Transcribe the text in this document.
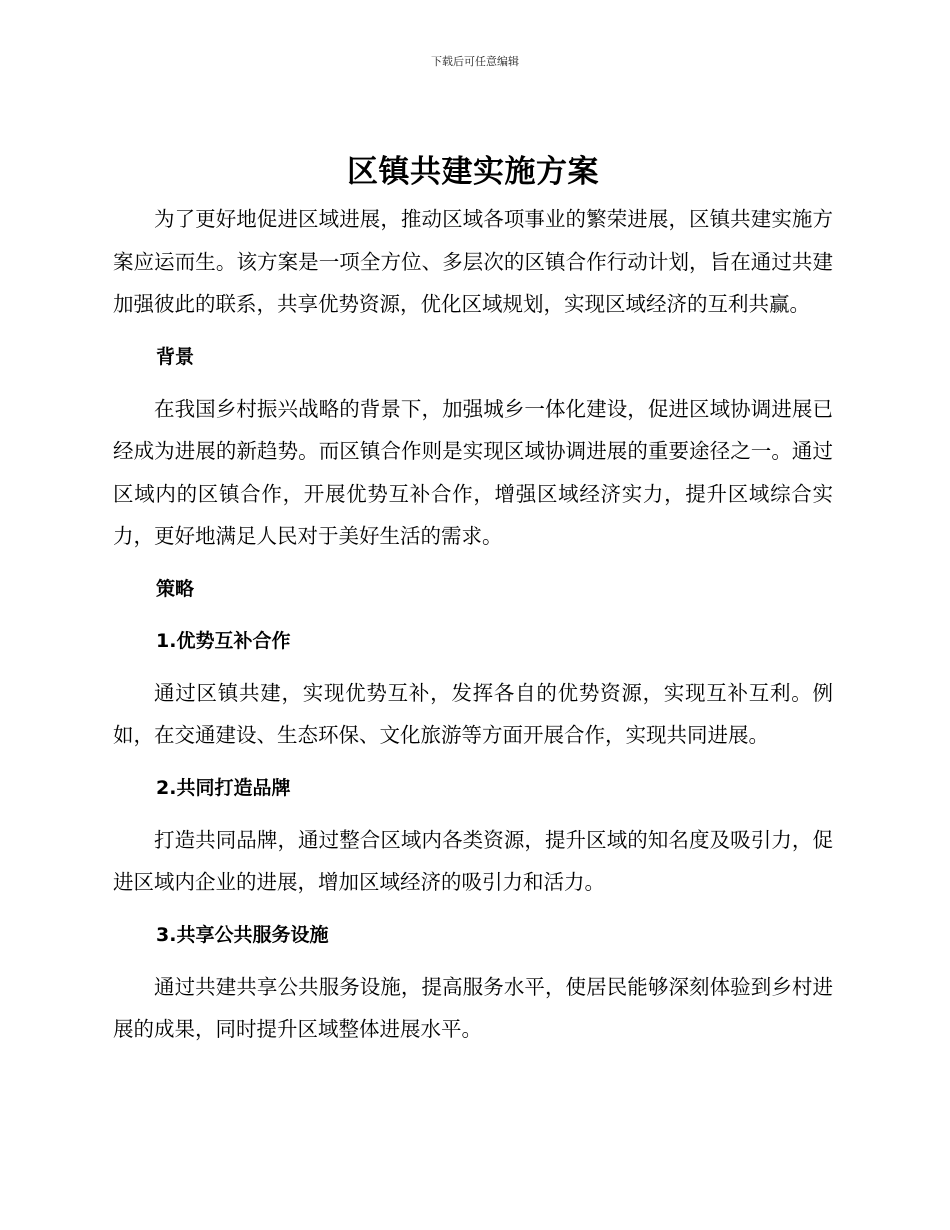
下载后可任意编辑
区镇共建实施方案

为了更好地促进区域进展，推动区域各项事业的繁荣进展，区镇共建实施方案应运而生。该方案是一项全方位、多层次的区镇合作行动计划，旨在通过共建加强彼此的联系，共享优势资源，优化区域规划，实现区域经济的互利共赢。

背景

在我国乡村振兴战略的背景下，加强城乡一体化建设，促进区域协调进展已经成为进展的新趋势。而区镇合作则是实现区域协调进展的重要途径之一。通过区域内的区镇合作，开展优势互补合作，增强区域经济实力，提升区域综合实力，更好地满足人民对于美好生活的需求。

策略
1.优势互补合作

通过区镇共建，实现优势互补，发挥各自的优势资源，实现互补互利。例如，在交通建设、生态环保、文化旅游等方面开展合作，实现共同进展。

2.共同打造品牌

打造共同品牌，通过整合区域内各类资源，提升区域的知名度及吸引力，促进区域内企业的进展，增加区域经济的吸引力和活力。

3.共享公共服务设施

通过共建共享公共服务设施，提高服务水平，使居民能够深刻体验到乡村进展的成果，同时提升区域整体进展水平。
